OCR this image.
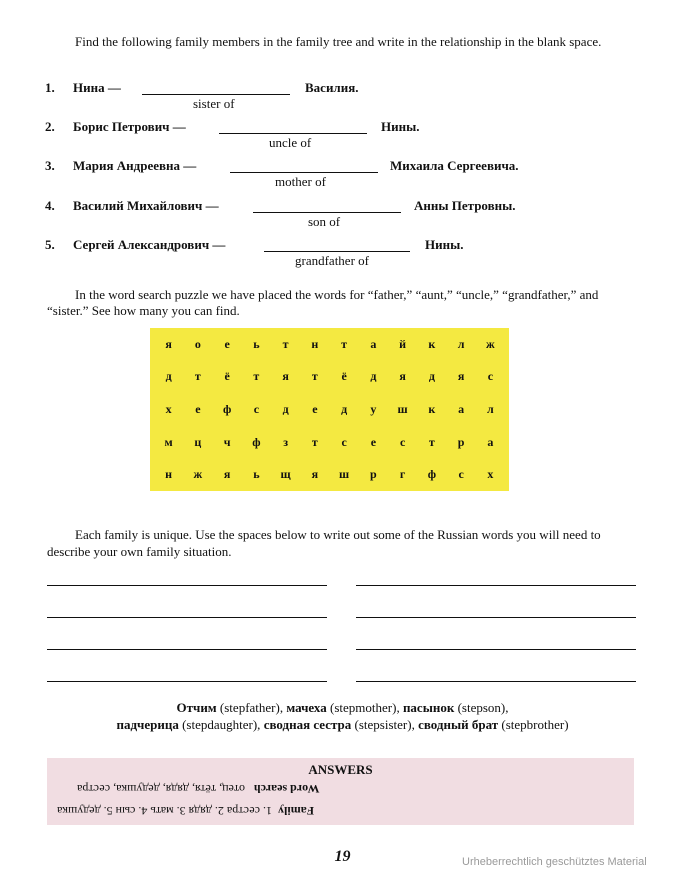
Find the following family members in the family tree and write in the relationship in the blank space.
1. Нина —	Василия.
sister of
2. Борис Петрович —	Нины.
uncle of
3. Мария Андреевна —	Михаила Сергеевича.
mother of
4. Василий Михайлович —	Анны Петровны.
son of
5. Сергей Александрович —	Нины.
grandfather of
In the word search puzzle we have placed the words for “father,” “aunt,” “uncle,” “grandfather,” and “sister.” See how many you can find.
я	о	е	ь	т	н	т	а	й	к	л	ж
д	т	ё	т	я	т	ё	д	я	д	я	с
х	е	ф	с	д	е	д	у	ш	к	а	л
м	ц	ч	ф	з	т	с	е	с	т	р	а
н	ж	я	ь	щ	я	ш	р	г	ф	с	х
Each family is unique. Use the spaces below to write out some of the Russian words you will need to describe your own family situation.
Отчим (stepfather), мачеха (stepmother), пасынок (stepson),
падчерица (stepdaughter), сводная сестра (stepsister), сводный брат (stepbrother)
ANSWERS
Word search   отец, тётя, дядя, дедушка, сестра
Family  1. сестра 2. дядя 3. мать 4. сын 5. дедушка
19	Urheberrechtlich geschütztes Material
